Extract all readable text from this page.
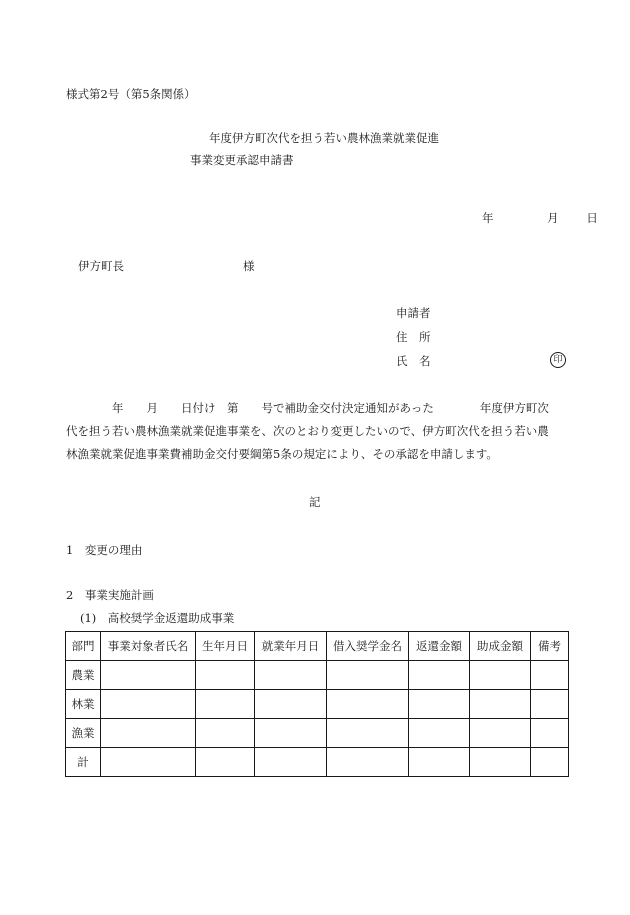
様式第2号（第5条関係）
年度伊方町次代を担う若い農林漁業就業促進
事業変更承認申請書
年	月 日
伊方町長	様
申請者
住　所
氏　名	印
　　　　年　　月　　日付け　第　　号で補助金交付決定通知があった　　　　年度伊方町次
代を担う若い農林漁業就業促進事業を、次のとおり変更したいので、伊方町次代を担う若い農
林漁業就業促進事業費補助金交付要綱第5条の規定により、その承認を申請します。
記
1　変更の理由
2　事業実施計画
(1)　高校奨学金返還助成事業
部門	事業対象者氏名	生年月日	就業年月日	借入奨学金名	返還金額	助成金額	備考
農業							
林業							
漁業							
計							
